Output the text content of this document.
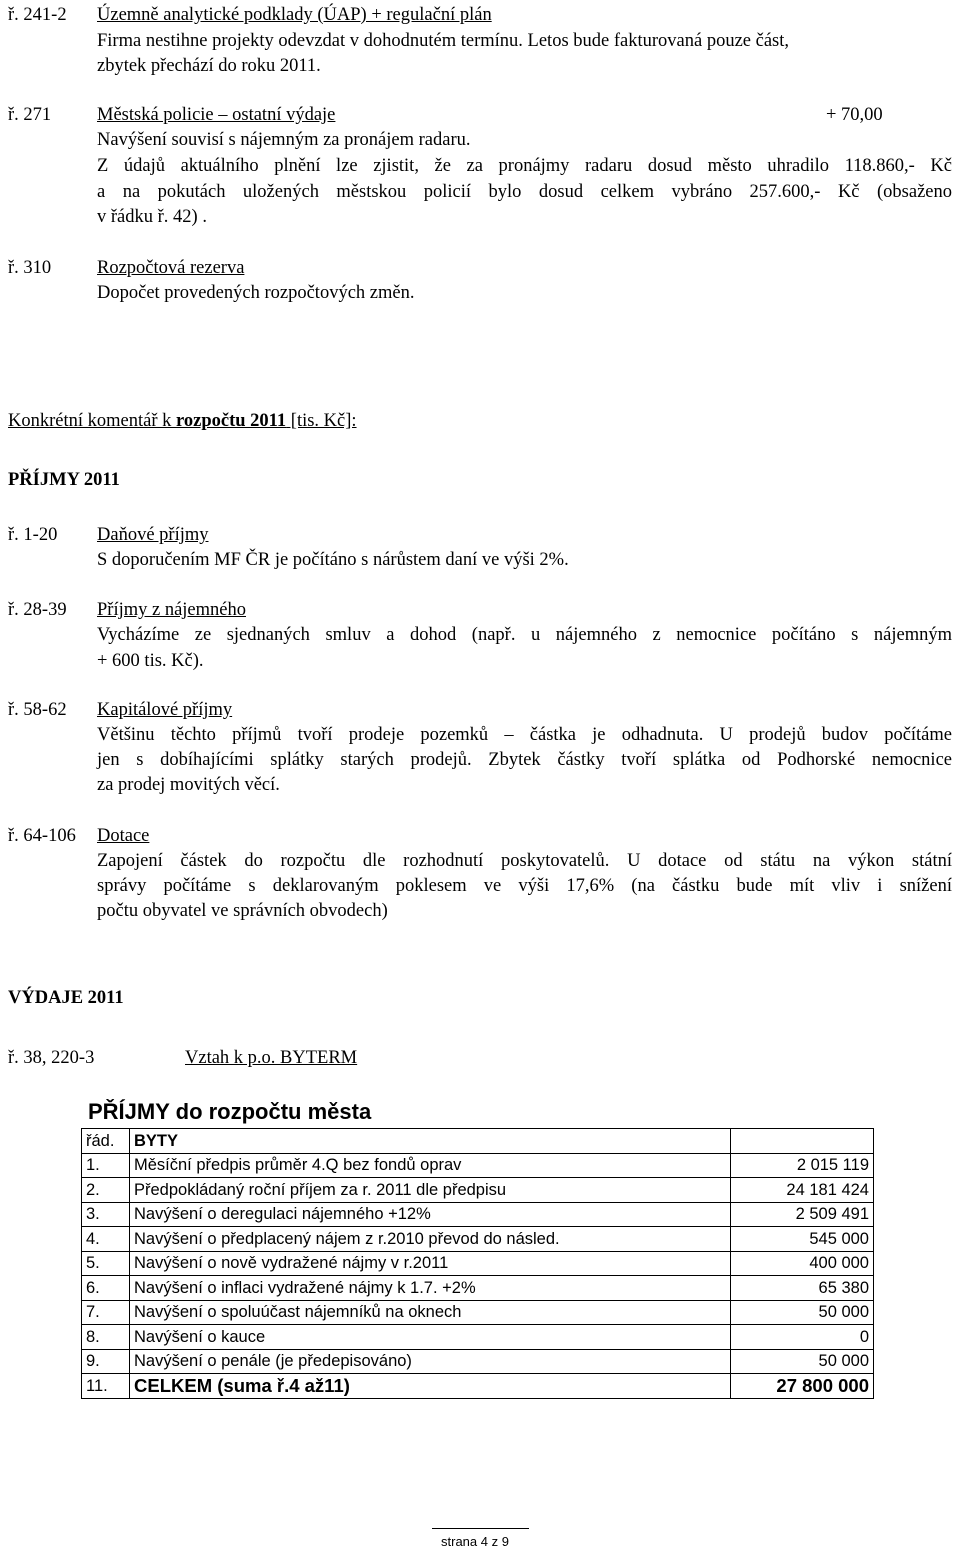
ř. 241-2 Územně analytické podklady (ÚAP) + regulační plán
Firma nestihne projekty odevzdat v dohodnutém termínu. Letos bude fakturovaná pouze část,
zbytek přechází do roku 2011.
ř. 271 Městská policie – ostatní výdaje	+ 70,00
Navýšení souvisí s nájemným za pronájem radaru.
Z údajů aktuálního plnění lze zjistit, že za pronájmy radaru dosud město uhradilo 118.860,- Kč
a na pokutách uložených městskou policií bylo dosud celkem vybráno 257.600,- Kč (obsaženo
v řádku ř. 42) .
ř. 310 Rozpočtová rezerva
Dopočet provedených rozpočtových změn.
Konkrétní komentář k rozpočtu 2011 [tis. Kč]:
PŘÍJMY 2011
ř. 1-20 Daňové příjmy
S doporučením MF ČR je počítáno s nárůstem daní ve výši 2%.
ř. 28-39 Příjmy z nájemného
Vycházíme ze sjednaných smluv a dohod (např. u nájemného z nemocnice počítáno s nájemným
+ 600 tis. Kč).
ř. 58-62 Kapitálové příjmy
Většinu těchto příjmů tvoří prodeje pozemků – částka je odhadnuta. U prodejů budov počítáme
jen s dobíhajícími splátky starých prodejů. Zbytek částky tvoří splátka od Podhorské nemocnice
za prodej movitých věcí.
ř. 64-106 Dotace
Zapojení částek do rozpočtu dle rozhodnutí poskytovatelů. U dotace od státu na výkon státní
správy počítáme s deklarovaným poklesem ve výši 17,6% (na částku bude mít vliv i snížení
počtu obyvatel ve správních obvodech)
VÝDAJE 2011
ř. 38, 220-3	Vztah k p.o. BYTERM
PŘÍJMY do rozpočtu města
řád.	BYTY	
1.	Měsíční předpis průměr 4.Q bez fondů oprav	2 015 119
2.	Předpokládaný roční příjem za r. 2011 dle předpisu	24 181 424
3.	Navýšení o deregulaci nájemného +12%	2 509 491
4.	Navýšení o předplacený nájem z r.2010 převod do násled.	545 000
5.	Navýšení o nově vydražené nájmy v r.2011	400 000
6.	Navýšení o inflaci vydražené nájmy k 1.7. +2%	65 380
7.	Navýšení o spoluúčast nájemníků na oknech	50 000
8.	Navýšení o kauce	0
9.	Navýšení o penále (je předepisováno)	50 000
11.	CELKEM (suma ř.4 až11)	27 800 000
strana 4 z 9
